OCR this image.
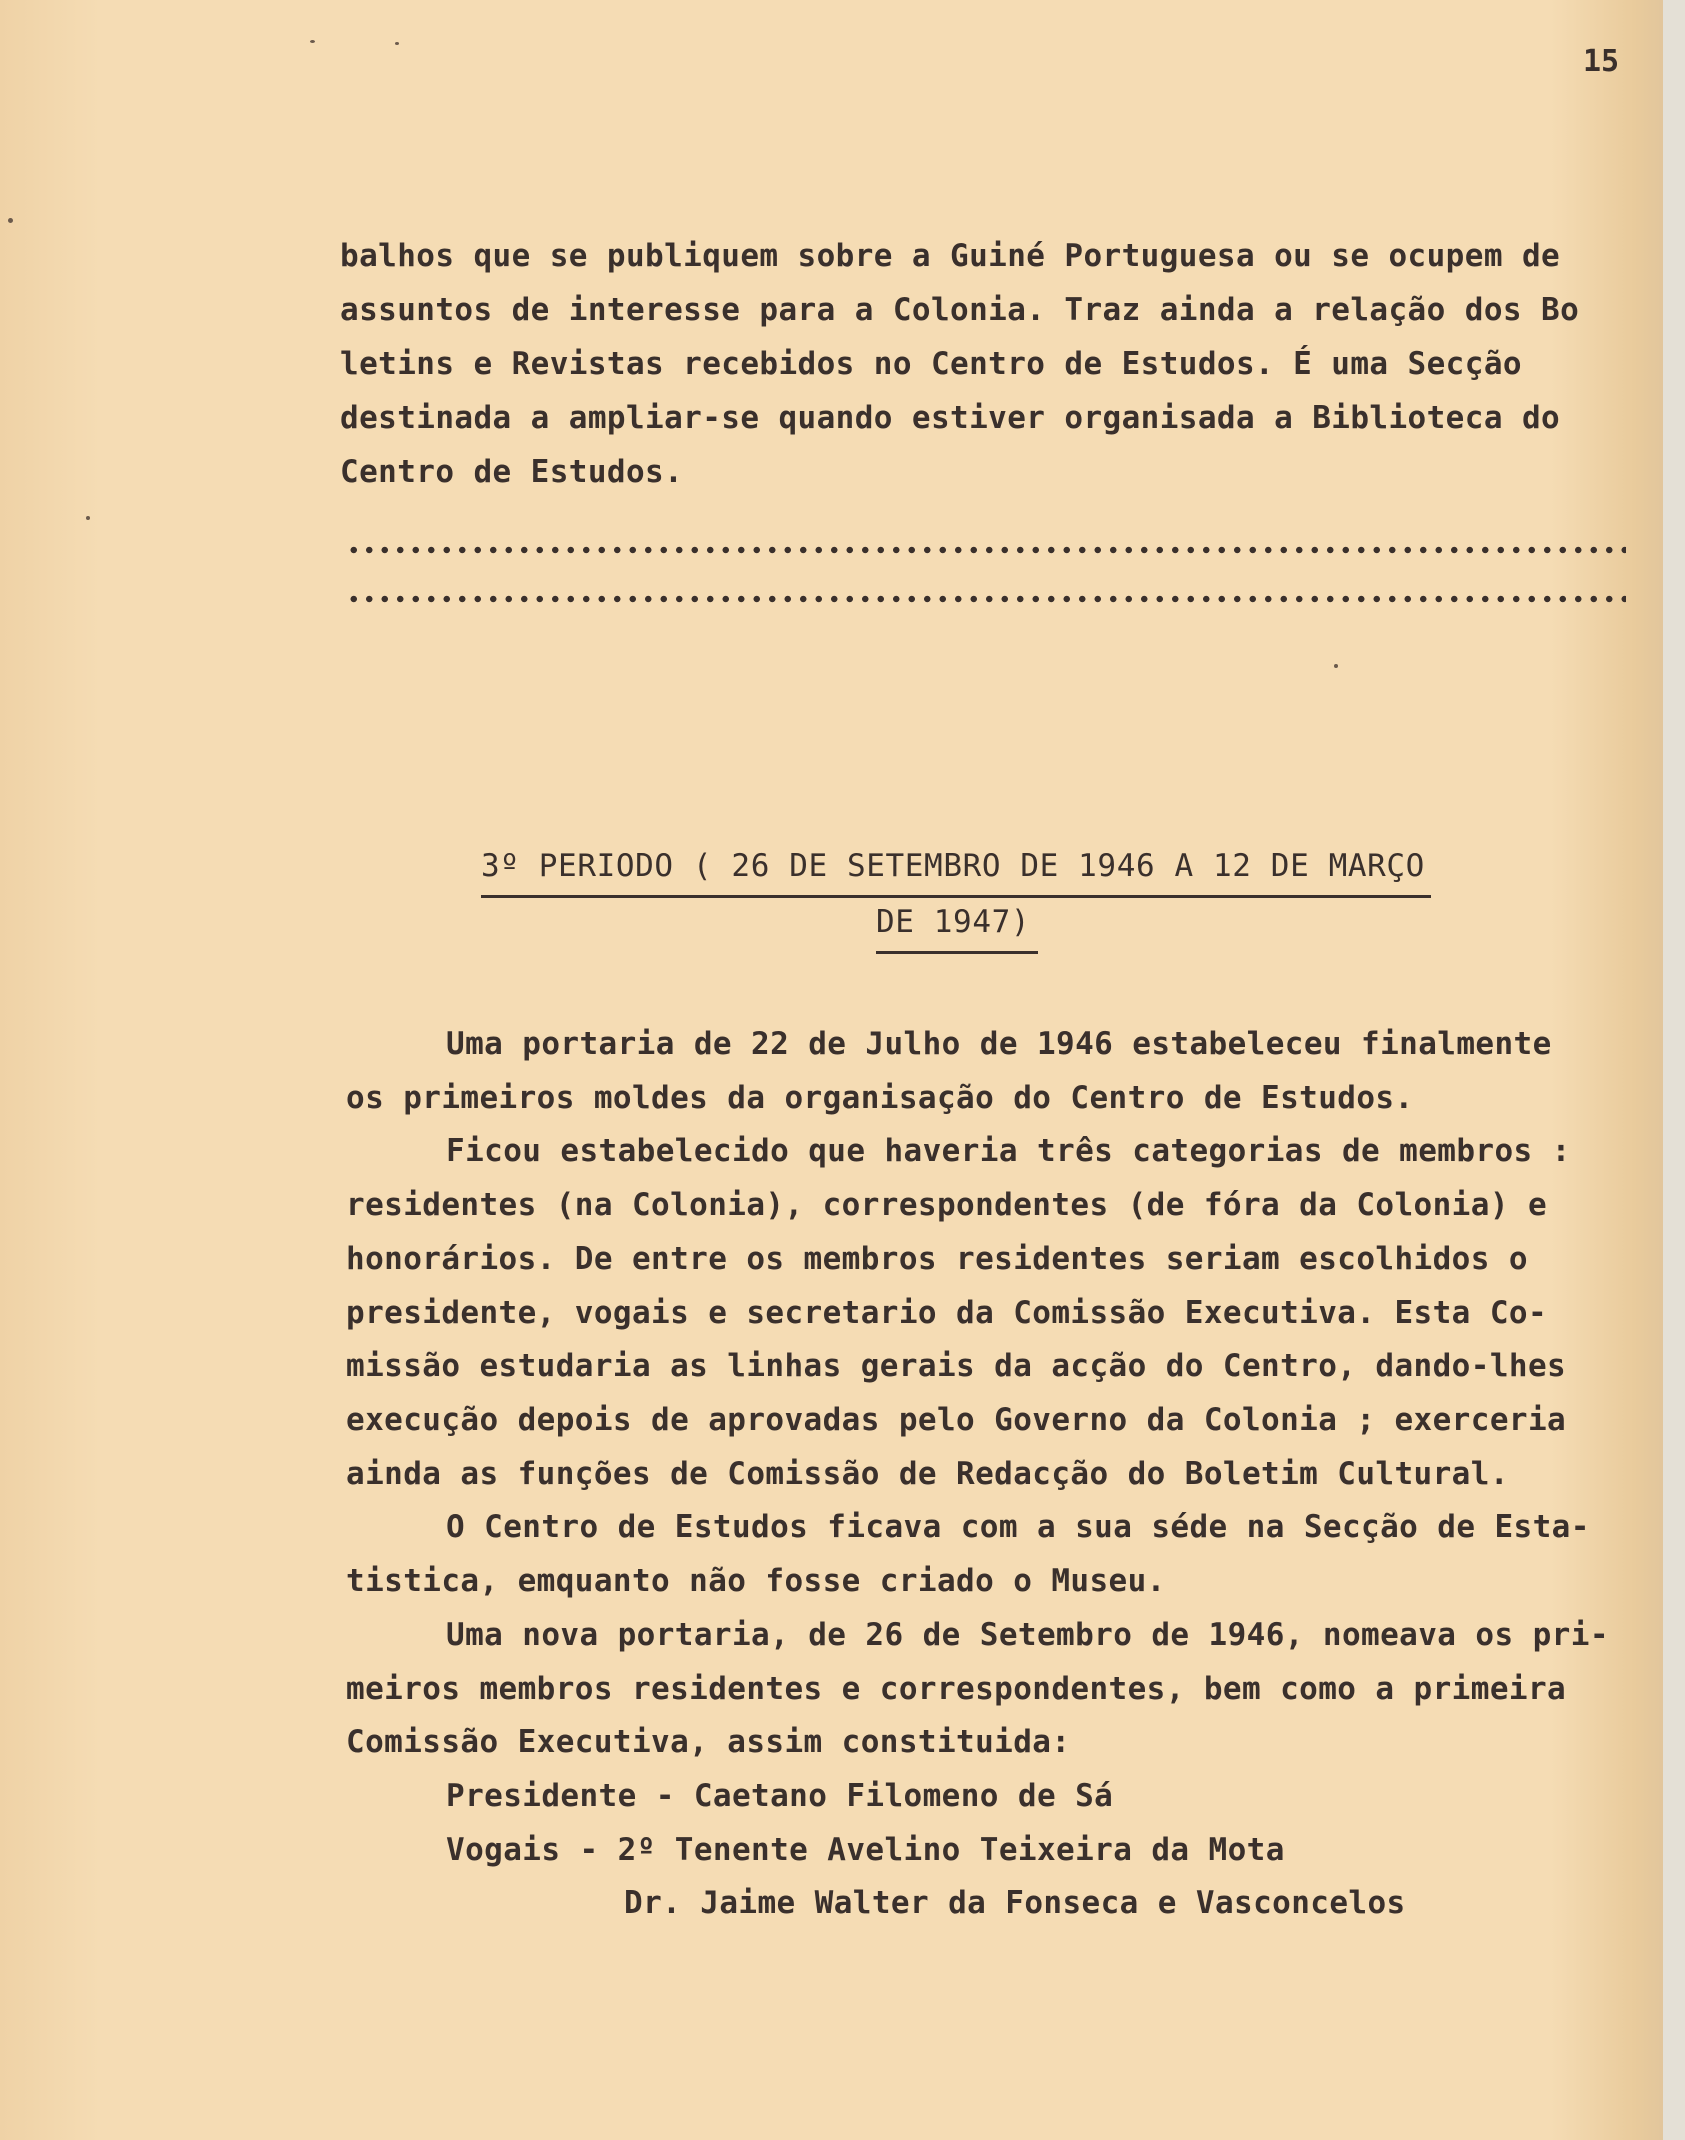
15
balhos que se publiquem sobre a Guiné Portuguesa ou se ocupem de
assuntos de interesse para a Colonia. Traz ainda a relação dos Bo
letins e Revistas recebidos no Centro de Estudos. É uma Secção
destinada a ampliar-se quando estiver organisada a Biblioteca do
Centro de Estudos.
3º PERIODO ( 26 DE SETEMBRO DE 1946 A 12 DE MARÇO
DE 1947)
Uma portaria de 22 de Julho de 1946 estabeleceu finalmente
os primeiros moldes da organisação do Centro de Estudos.
Ficou estabelecido que haveria três categorias de membros :
residentes (na Colonia), correspondentes (de fóra da Colonia) e
honorários. De entre os membros residentes seriam escolhidos o
presidente, vogais e secretario da Comissão Executiva. Esta Co-
missão estudaria as linhas gerais da acção do Centro, dando-lhes
execução depois de aprovadas pelo Governo da Colonia ; exerceria
ainda as funções de Comissão de Redacção do Boletim Cultural.
O Centro de Estudos ficava com a sua séde na Secção de Esta-
tistica, emquanto não fosse criado o Museu.
Uma nova portaria, de 26 de Setembro de 1946, nomeava os pri-
meiros membros residentes e correspondentes, bem como a primeira
Comissão Executiva, assim constituida:
Presidente - Caetano Filomeno de Sá
Vogais - 2º Tenente Avelino Teixeira da Mota
Dr. Jaime Walter da Fonseca e Vasconcelos
